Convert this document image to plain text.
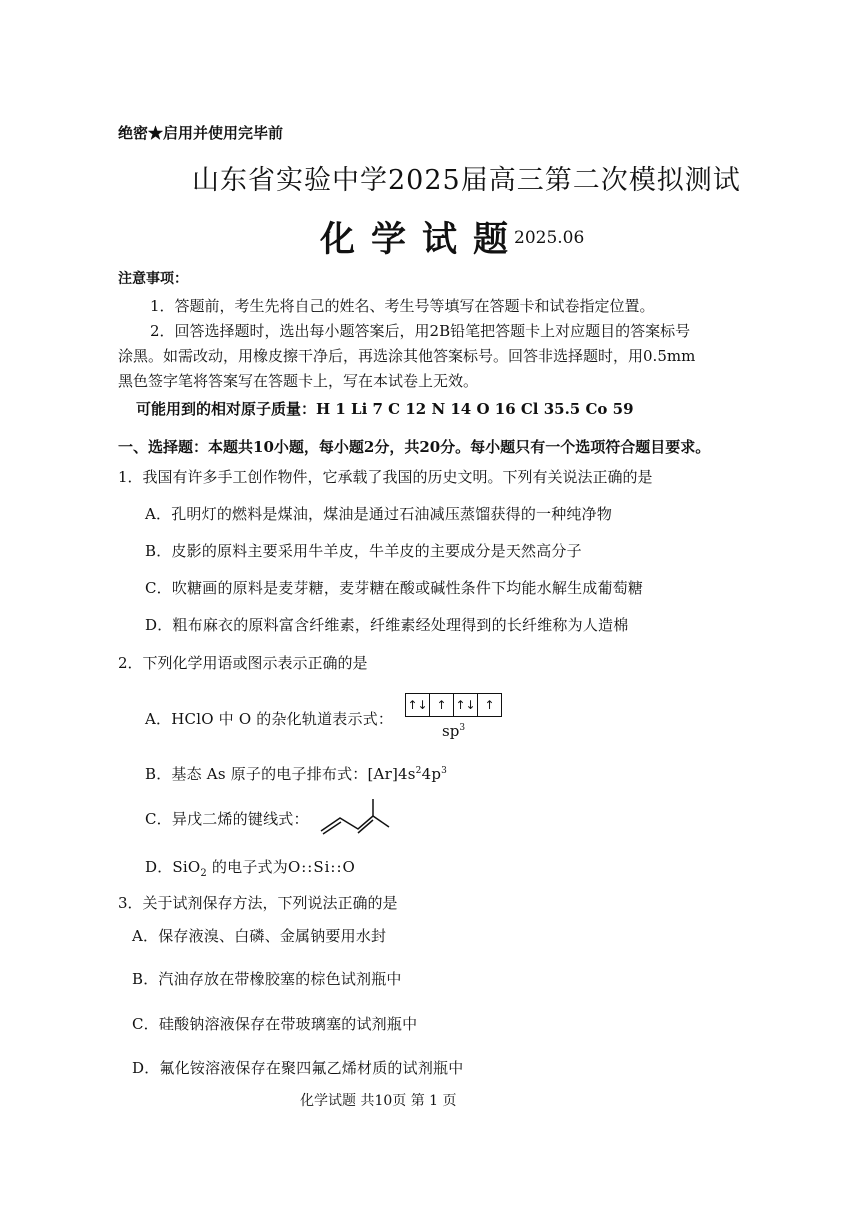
绝密★启用并使用完毕前
山东省实验中学2025届高三第二次模拟测试
化学试题
2025.06
注意事项：
1．答题前，考生先将自己的姓名、考生号等填写在答题卡和试卷指定位置。
2．回答选择题时，选出每小题答案后，用2B铅笔把答题卡上对应题目的答案标号
涂黑。如需改动，用橡皮擦干净后，再选涂其他答案标号。回答非选择题时，用0.5mm
黑色签字笔将答案写在答题卡上，写在本试卷上无效。
可能用到的相对原子质量：H 1 Li 7 C 12 N 14 O 16 Cl 35.5 Co 59
一、选择题：本题共10小题，每小题2分，共20分。每小题只有一个选项符合题目要求。
1．我国有许多手工创作物件，它承载了我国的历史文明。下列有关说法正确的是
A．孔明灯的燃料是煤油，煤油是通过石油减压蒸馏获得的一种纯净物
B．皮影的原料主要采用牛羊皮，牛羊皮的主要成分是天然高分子
C．吹糖画的原料是麦芽糖，麦芽糖在酸或碱性条件下均能水解生成葡萄糖
D．粗布麻衣的原料富含纤维素，纤维素经处理得到的长纤维称为人造棉
2．下列化学用语或图示表示正确的是
A．HClO 中 O 的杂化轨道表示式：
↑↓ ↑ ↑↓ ↑
$sp^3$
B．基态 As 原子的电子排布式：$[Ar]4s^24p^3$
C．异戊二烯的键线式：
D．SiO$_2$ 的电子式为O::Si::O
3．关于试剂保存方法，下列说法正确的是
A．保存液溴、白磷、金属钠要用水封
B．汽油存放在带橡胶塞的棕色试剂瓶中
C．硅酸钠溶液保存在带玻璃塞的试剂瓶中
D．氟化铵溶液保存在聚四氟乙烯材质的试剂瓶中
化学试题 共10页 第 1 页
